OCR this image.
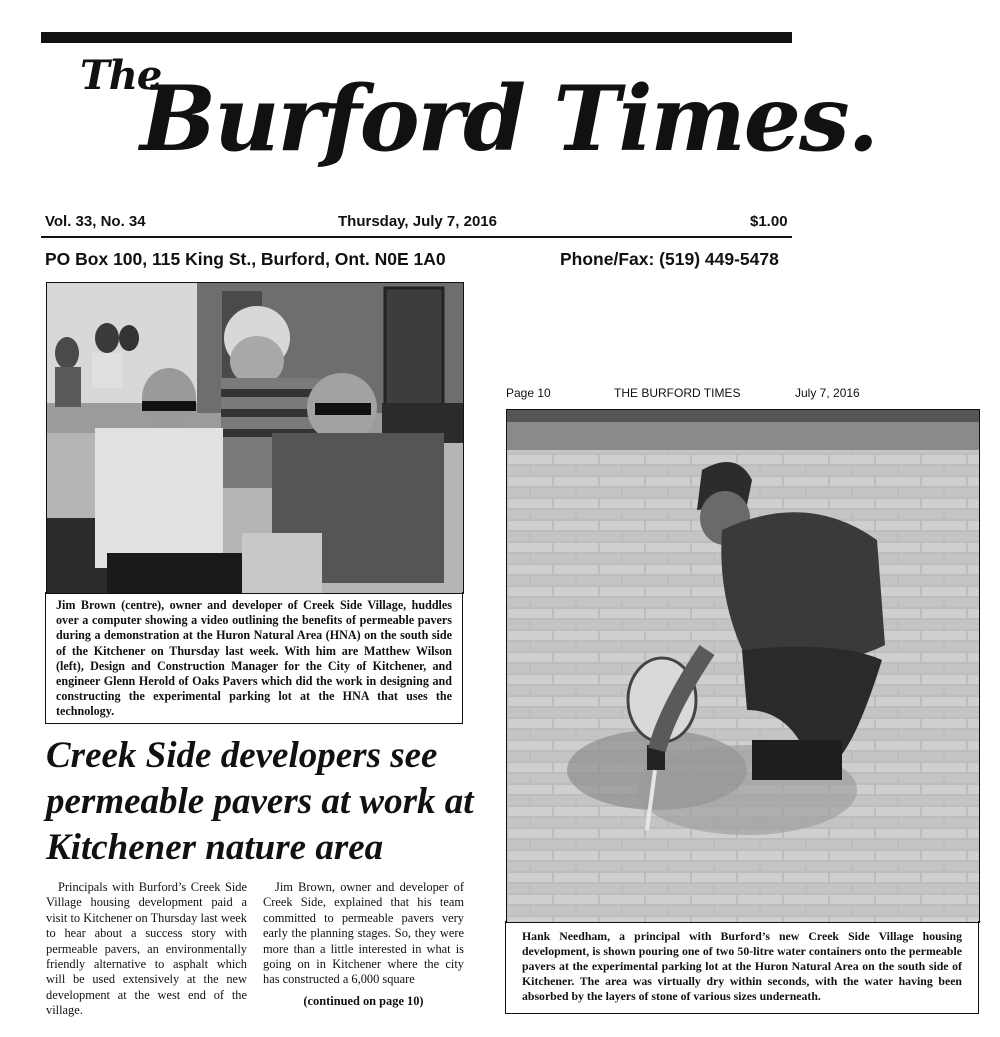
The
Burford Times.
Vol. 33, No. 34	Thursday, July 7, 2016	$1.00
PO Box 100, 115 King St., Burford, Ont. N0E 1A0	Phone/Fax: (519) 449-5478
Jim Brown (centre), owner and developer of Creek Side Village, huddles over a computer showing a video outlining the benefits of permeable pavers during a demonstration at the Huron Natural Area (HNA) on the south side of the Kitchener on Thursday last week. With him are Matthew Wilson (left), Design and Construction Manager for the City of Kitchener, and engineer Glenn Herold of Oaks Pavers which did the work in designing and constructing the experimental parking lot at the HNA that uses the technology.
Creek Side developers see permeable pavers at work at Kitchener nature area
Principals with Burford’s Creek Side Village housing development paid a visit to Kitchener on Thursday last week to hear about a success story with permeable pavers, an environmentally friendly alternative to asphalt which will be used extensively at the new development at the west end of the village.
Jim Brown, owner and developer of Creek Side, explained that his team committed to permeable pavers very early the planning stages. So, they were more than a little interested in what is going on in Kitchener where the city has constructed a 6,000 square
(continued on page 10)
Page 10	THE BURFORD TIMES	July 7, 2016
Hank Needham, a principal with Burford’s new Creek Side Village housing development, is shown pouring one of two 50-litre water containers onto the permeable pavers at the experimental parking lot at the Huron Natural Area on the south side of Kitchener. The area was virtually dry within seconds, with the water having been absorbed by the layers of stone of various sizes underneath.
